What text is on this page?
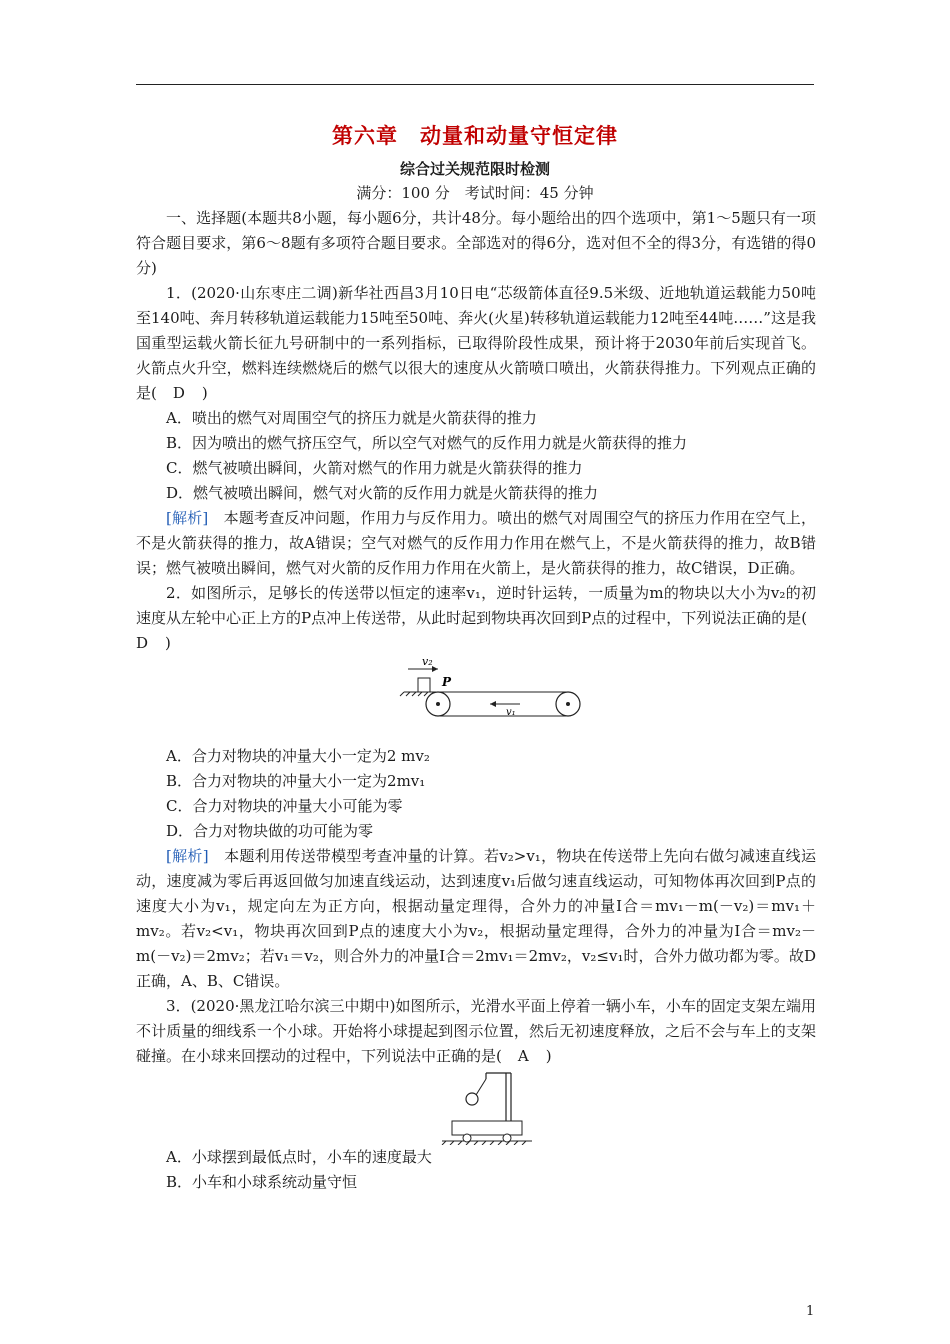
第六章　动量和动量守恒定律
综合过关规范限时检测
满分：100 分　考试时间：45 分钟

一、选择题(本题共8小题，每小题6分，共计48分。每小题给出的四个选项中，第1～5题只有一项符合题目要求，第6～8题有多项符合题目要求。全部选对的得6分，选对但不全的得3分，有选错的得0分)

1．(2020·山东枣庄二调)新华社西昌3月10日电“芯级箭体直径9.5米级、近地轨道运载能力50吨至140吨、奔月转移轨道运载能力15吨至50吨、奔火(火星)转移轨道运载能力12吨至44吨……”这是我国重型运载火箭长征九号研制中的一系列指标，已取得阶段性成果，预计将于2030年前后实现首飞。火箭点火升空，燃料连续燃烧后的燃气以很大的速度从火箭喷口喷出，火箭获得推力。下列观点正确的是(　D　)

A．喷出的燃气对周围空气的挤压力就是火箭获得的推力

B．因为喷出的燃气挤压空气，所以空气对燃气的反作用力就是火箭获得的推力

C．燃气被喷出瞬间，火箭对燃气的作用力就是火箭获得的推力

D．燃气被喷出瞬间，燃气对火箭的反作用力就是火箭获得的推力

[解析]　本题考查反冲问题，作用力与反作用力。喷出的燃气对周围空气的挤压力作用在空气上，不是火箭获得的推力，故A错误；空气对燃气的反作用力作用在燃气上，不是火箭获得的推力，故B错误；燃气被喷出瞬间，燃气对火箭的反作用力作用在火箭上，是火箭获得的推力，故C错误，D正确。

2．如图所示，足够长的传送带以恒定的速率v₁，逆时针运转，一质量为m的物块以大小为v₂的初速度从左轮中心正上方的P点冲上传送带，从此时起到物块再次回到P点的过程中，下列说法正确的是(　D　)

v₂
P
v₁

A．合力对物块的冲量大小一定为2 mv₂

B．合力对物块的冲量大小一定为2mv₁

C．合力对物块的冲量大小可能为零

D．合力对物块做的功可能为零

[解析]　本题利用传送带模型考查冲量的计算。若v₂>v₁，物块在传送带上先向右做匀减速直线运动，速度减为零后再返回做匀加速直线运动，达到速度v₁后做匀速直线运动，可知物体再次回到P点的速度大小为v₁，规定向左为正方向，根据动量定理得，合外力的冲量I合＝mv₁－m(－v₂)＝mv₁＋mv₂。若v₂<v₁，物块再次回到P点的速度大小为v₂，根据动量定理得，合外力的冲量为I合＝mv₂－m(－v₂)＝2mv₂；若v₁＝v₂，则合外力的冲量I合＝2mv₁＝2mv₂，v₂≤v₁时，合外力做功都为零。故D正确，A、B、C错误。

3．(2020·黑龙江哈尔滨三中期中)如图所示，光滑水平面上停着一辆小车，小车的固定支架左端用不计质量的细线系一个小球。开始将小球提起到图示位置，然后无初速度释放，之后不会与车上的支架碰撞。在小球来回摆动的过程中，下列说法中正确的是(　A　)

A．小球摆到最低点时，小车的速度最大

B．小车和小球系统动量守恒

1
